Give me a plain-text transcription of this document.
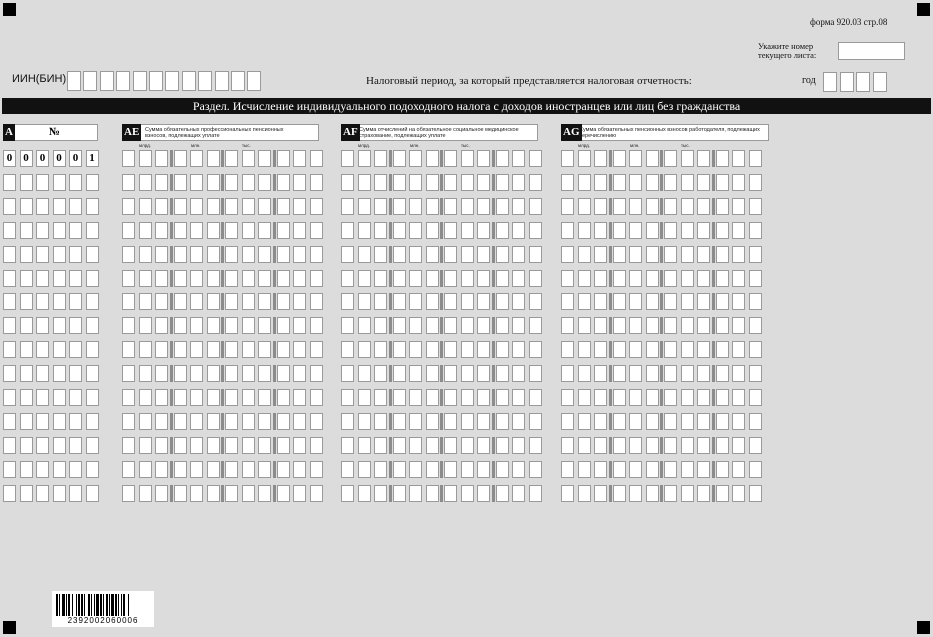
форма 920.03 стр.08
Укажите номер текущего листа:
ИИН(БИН)	Налоговый период, за который представляется налоговая отчетность:	год
Раздел. Исчисление индивидуального подоходного налога с доходов иностранцев или лиц без гражданства
A	№	AE	Сумма обязательных профессиональных пенсионных взносов, подлежащих уплате	AF Сумма отчислений на обязательное социальное медицинское страхование, подлежащих уплате	AG Сумма обязательных пенсионных взносов работодателя, подлежащих перечислению
млрд.	млн.	тыс.	млрд.	млн.	тыс.	млрд.	млн.	тыс.
0	0	0	0	0	1
2392002060006
